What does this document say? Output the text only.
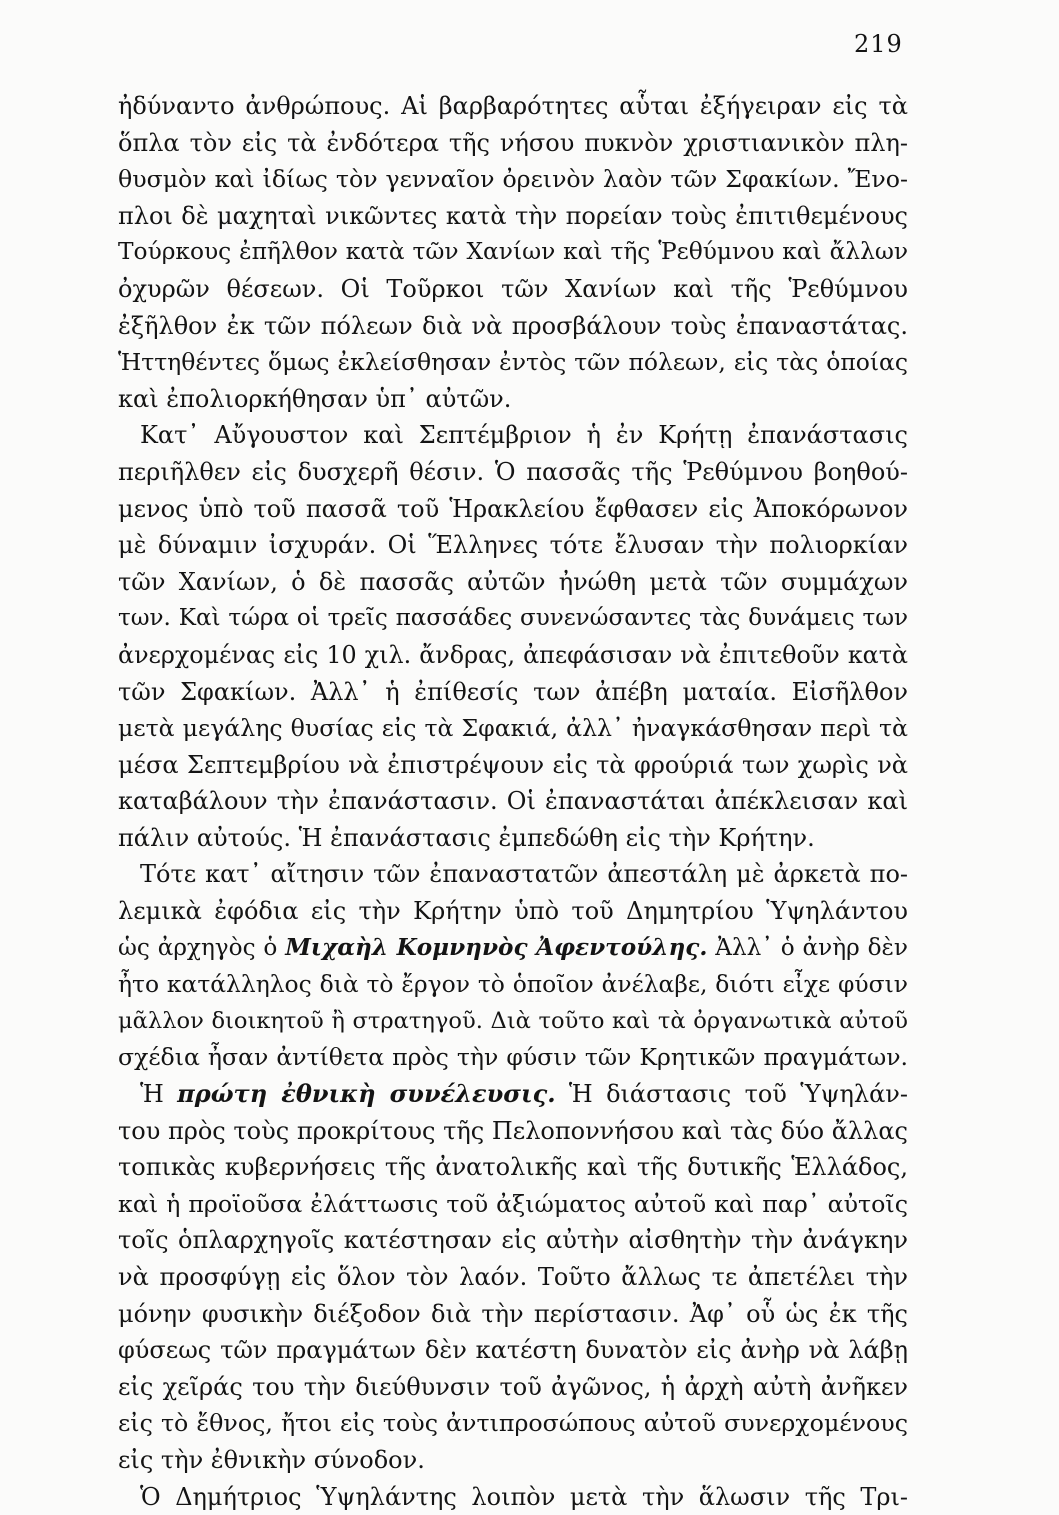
219
ἠδύναντο ἀνθρώπους. Αἱ βαρβαρότητες αὗται ἐξήγειραν εἰς τὰ
ὅπλα τὸν εἰς τὰ ἐνδότερα τῆς νήσου πυκνὸν χριστιανικὸν πλη-
θυσμὸν καὶ ἰδίως τὸν γενναῖον ὀρεινὸν λαὸν τῶν Σφακίων. Ἔνο-
πλοι δὲ μαχηταὶ νικῶντες κατὰ τὴν πορείαν τοὺς ἐπιτιθεμένους
Τούρκους ἐπῆλθον κατὰ τῶν Χανίων καὶ τῆς Ῥεθύμνου καὶ ἄλλων
ὀχυρῶν θέσεων. Οἱ Τοῦρκοι τῶν Χανίων καὶ τῆς Ῥεθύμνου
ἐξῆλθον ἐκ τῶν πόλεων διὰ νὰ προσβάλουν τοὺς ἐπαναστάτας.
Ἡττηθέντες ὅμως ἐκλείσθησαν ἐντὸς τῶν πόλεων, εἰς τὰς ὁποίας
καὶ ἐπολιορκήθησαν ὑπ᾽ αὐτῶν.
Κατ᾽ Αὔγουστον καὶ Σεπτέμβριον ἡ ἐν Κρήτῃ ἐπανάστασις
περιῆλθεν εἰς δυσχερῆ θέσιν. Ὁ πασσᾶς τῆς Ῥεθύμνου βοηθού-
μενος ὑπὸ τοῦ πασσᾶ τοῦ Ἡρακλείου ἔφθασεν εἰς Ἀποκόρωνον
μὲ δύναμιν ἰσχυράν. Οἱ Ἕλληνες τότε ἔλυσαν τὴν πολιορκίαν
τῶν Χανίων, ὁ δὲ πασσᾶς αὐτῶν ἠνώθη μετὰ τῶν συμμάχων
των. Καὶ τώρα οἱ τρεῖς πασσάδες συνενώσαντες τὰς δυνάμεις των
ἀνερχομένας εἰς 10 χιλ. ἄνδρας, ἀπεφάσισαν νὰ ἐπιτεθοῦν κατὰ
τῶν Σφακίων. Ἀλλ᾽ ἡ ἐπίθεσίς των ἀπέβη ματαία. Εἰσῆλθον
μετὰ μεγάλης θυσίας εἰς τὰ Σφακιά, ἀλλ᾽ ἠναγκάσθησαν περὶ τὰ
μέσα Σεπτεμβρίου νὰ ἐπιστρέψουν εἰς τὰ φρούριά των χωρὶς νὰ
καταβάλουν τὴν ἐπανάστασιν. Οἱ ἐπαναστάται ἀπέκλεισαν καὶ
πάλιν αὐτούς. Ἡ ἐπανάστασις ἐμπεδώθη εἰς τὴν Κρήτην.
Τότε κατ᾽ αἴτησιν τῶν ἐπαναστατῶν ἀπεστάλη μὲ ἀρκετὰ πο-
λεμικὰ ἐφόδια εἰς τὴν Κρήτην ὑπὸ τοῦ Δημητρίου Ὑψηλάντου
ὡς ἀρχηγὸς ὁ Μιχαὴλ Κομνηνὸς Ἀφεντούλης. Ἀλλ᾽ ὁ ἀνὴρ δὲν
ἦτο κατάλληλος διὰ τὸ ἔργον τὸ ὁποῖον ἀνέλαβε, διότι εἶχε φύσιν
μᾶλλον διοικητοῦ ἢ στρατηγοῦ. Διὰ τοῦτο καὶ τὰ ὀργανωτικὰ αὐτοῦ
σχέδια ἦσαν ἀντίθετα πρὸς τὴν φύσιν τῶν Κρητικῶν πραγμάτων.
Ἡ πρώτη ἐθνικὴ συνέλευσις. Ἡ διάστασις τοῦ Ὑψηλάν-
του πρὸς τοὺς προκρίτους τῆς Πελοποννήσου καὶ τὰς δύο ἄλλας
τοπικὰς κυβερνήσεις τῆς ἀνατολικῆς καὶ τῆς δυτικῆς Ἑλλάδος,
καὶ ἡ προϊοῦσα ἐλάττωσις τοῦ ἀξιώματος αὐτοῦ καὶ παρ᾽ αὐτοῖς
τοῖς ὁπλαρχηγοῖς κατέστησαν εἰς αὐτὴν αἰσθητὴν τὴν ἀνάγκην
νὰ προσφύγῃ εἰς ὅλον τὸν λαόν. Τοῦτο ἄλλως τε ἀπετέλει τὴν
μόνην φυσικὴν διέξοδον διὰ τὴν περίστασιν. Ἀφ᾽ οὗ ὡς ἐκ τῆς
φύσεως τῶν πραγμάτων δὲν κατέστη δυνατὸν εἰς ἀνὴρ νὰ λάβῃ
εἰς χεῖράς του τὴν διεύθυνσιν τοῦ ἀγῶνος, ἡ ἀρχὴ αὐτὴ ἀνῆκεν
εἰς τὸ ἔθνος, ἤτοι εἰς τοὺς ἀντιπροσώπους αὐτοῦ συνερχομένους
εἰς τὴν ἐθνικὴν σύνοδον.
Ὁ Δημήτριος Ὑψηλάντης λοιπὸν μετὰ τὴν ἅλωσιν τῆς Τρι-
